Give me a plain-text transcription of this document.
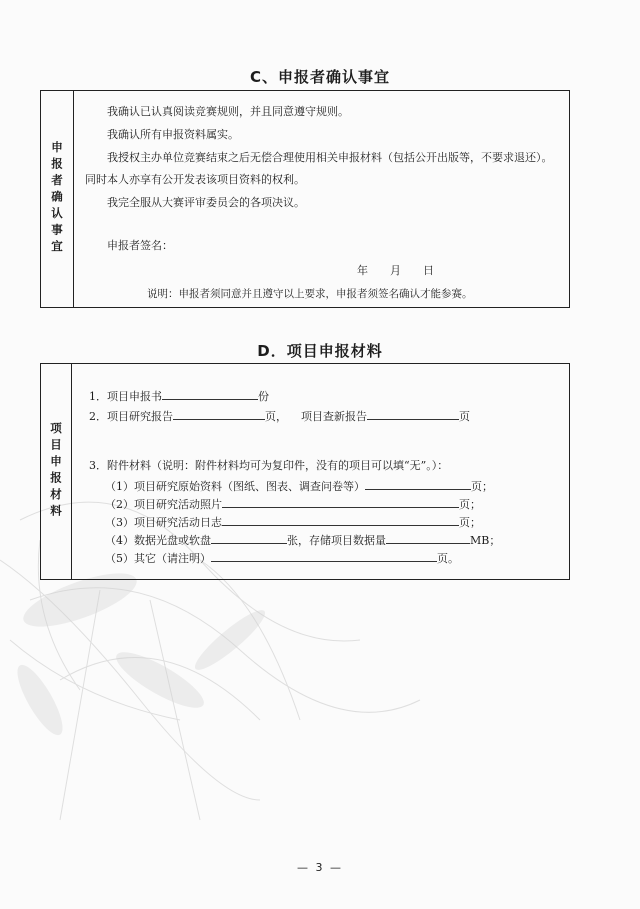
C、申报者确认事宜
申报者确认事宜
我确认已认真阅读竞赛规则，并且同意遵守规则。
我确认所有申报资料属实。
我授权主办单位竞赛结束之后无偿合理使用相关申报材料（包括公开出版等，不要求退还）。
同时本人亦享有公开发表该项目资料的权利。
我完全服从大赛评审委员会的各项决议。
申报者签名：
年　　月　　日
说明：申报者须同意并且遵守以上要求，申报者须签名确认才能参赛。
D．项目申报材料
项目申报材料
1．项目申报书	份
2．项目研究报告	页， 项目查新报告	页
3．附件材料（说明：附件材料均可为复印件，没有的项目可以填“无”。）：
（1）项目研究原始资料（图纸、图表、调查问卷等）	页；
（2）项目研究活动照片	页；
（3）项目研究活动日志	页；
（4）数据光盘或软盘	张，存储项目数据量	MB；
（5）其它（请注明）	页。
— 3 —
